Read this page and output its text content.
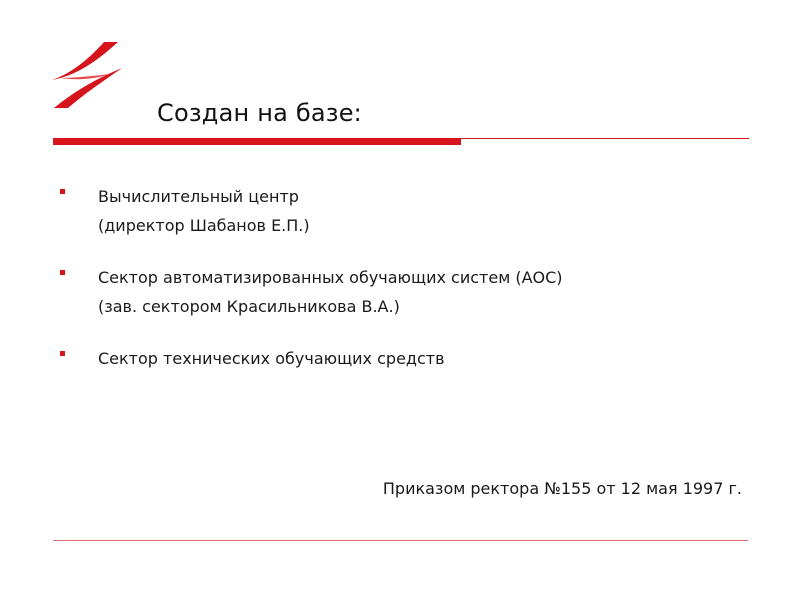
Создан на базе:
Вычислительный центр
(директор Шабанов Е.П.)
Сектор автоматизированных обучающих систем (АОС)
(зав. сектором Красильникова В.А.)
Сектор технических обучающих средств
Приказом ректора №155 от 12 мая 1997 г.
